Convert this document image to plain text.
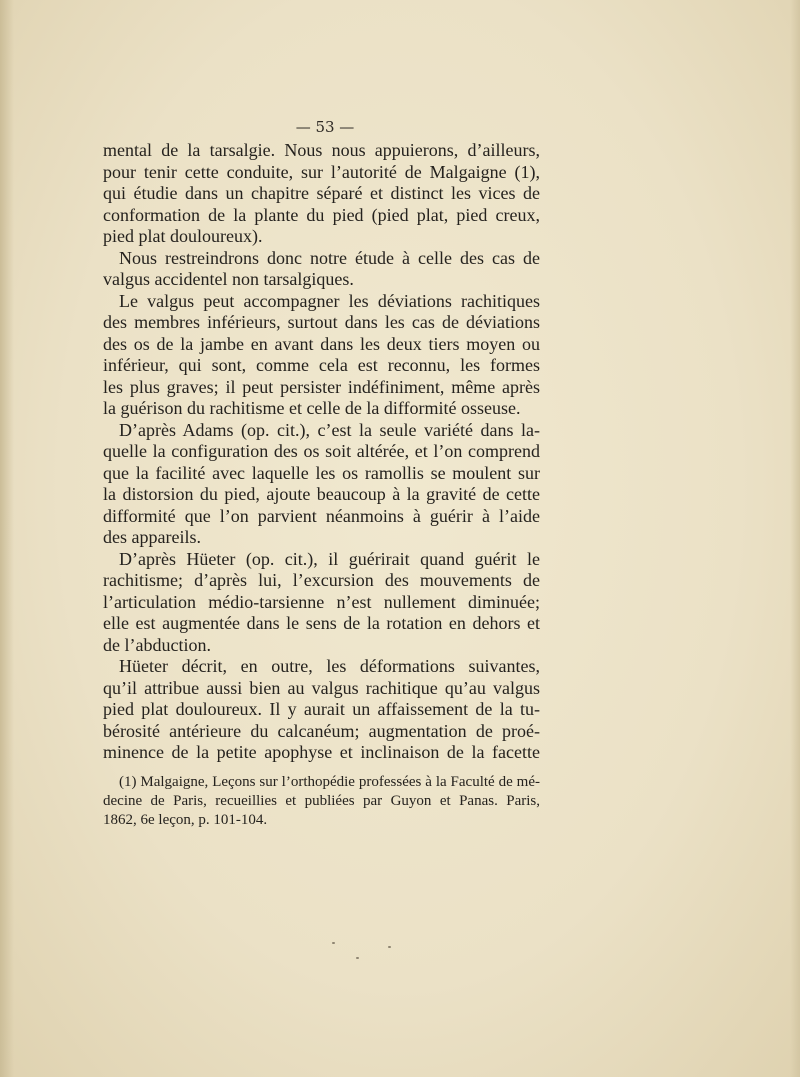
— 53 —
mental de la tarsalgie. Nous nous appuierons, d’ailleurs,
pour tenir cette conduite, sur l’autorité de Malgaigne (1),
qui étudie dans un chapitre séparé et distinct les vices de
conformation de la plante du pied (pied plat, pied creux,
pied plat douloureux).
Nous restreindrons donc notre étude à celle des cas de
valgus accidentel non tarsalgiques.
Le valgus peut accompagner les déviations rachitiques
des membres inférieurs, surtout dans les cas de déviations
des os de la jambe en avant dans les deux tiers moyen ou
inférieur, qui sont, comme cela est reconnu, les formes
les plus graves; il peut persister indéfiniment, même après
la guérison du rachitisme et celle de la difformité osseuse.
D’après Adams (op. cit.), c’est la seule variété dans la-
quelle la configuration des os soit altérée, et l’on comprend
que la facilité avec laquelle les os ramollis se moulent sur
la distorsion du pied, ajoute beaucoup à la gravité de cette
difformité que l’on parvient néanmoins à guérir à l’aide
des appareils.
D’après Hüeter (op. cit.), il guérirait quand guérit le
rachitisme; d’après lui, l’excursion des mouvements de
l’articulation médio-tarsienne n’est nullement diminuée;
elle est augmentée dans le sens de la rotation en dehors et
de l’abduction.
Hüeter décrit, en outre, les déformations suivantes,
qu’il attribue aussi bien au valgus rachitique qu’au valgus
pied plat douloureux. Il y aurait un affaissement de la tu-
bérosité antérieure du calcanéum; augmentation de proé-
minence de la petite apophyse et inclinaison de la facette
(1) Malgaigne, Leçons sur l’orthopédie professées à la Faculté de mé-
decine de Paris, recueillies et publiées par Guyon et Panas. Paris,
1862, 6e leçon, p. 101-104.
